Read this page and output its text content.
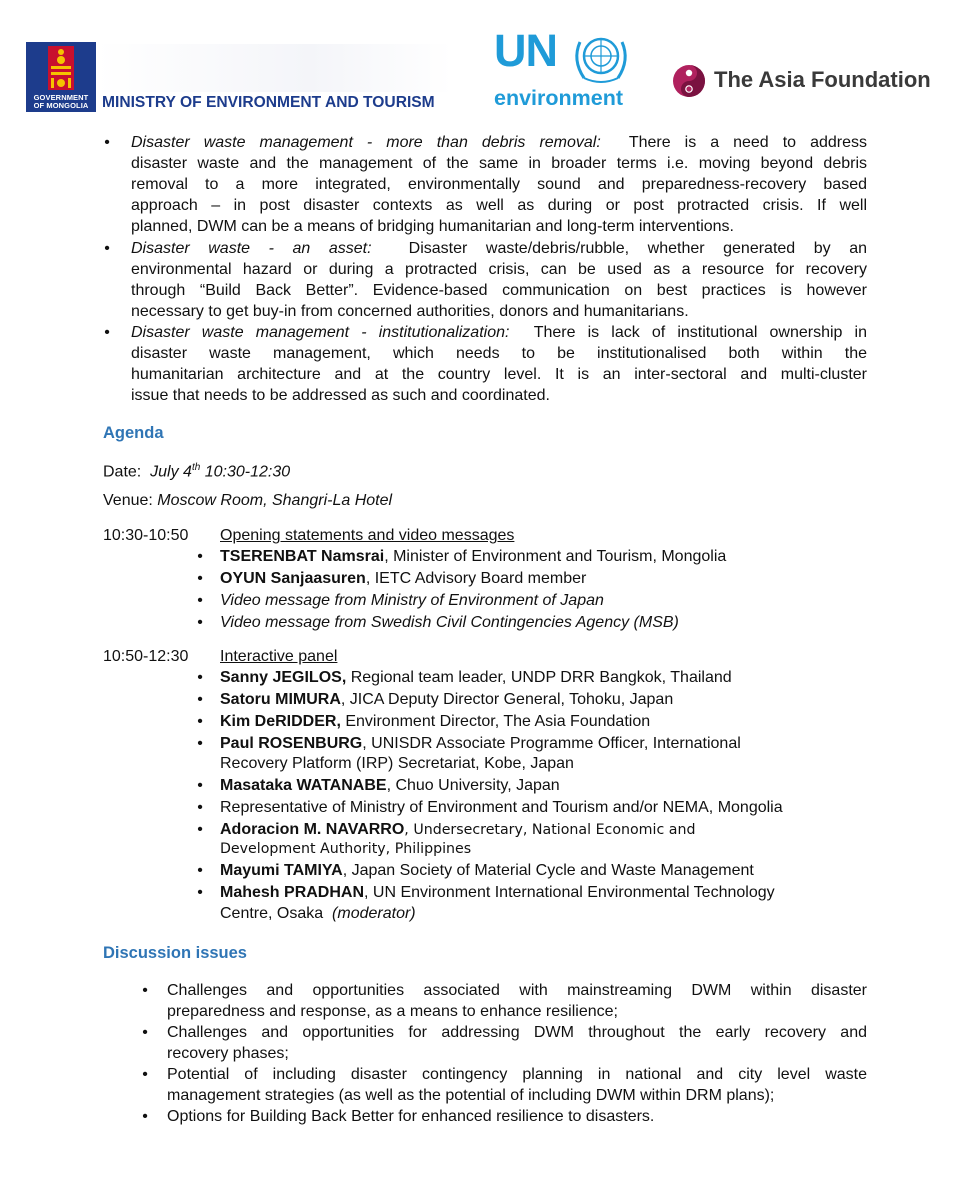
GOVERNMENT OF MONGOLIA MINISTRY OF ENVIRONMENT AND TOURISM
UN
environment
The Asia Foundation
• Disaster waste management - more than debris removal: There is a need to address
disaster waste and the management of the same in broader terms i.e. moving beyond debris
removal to a more integrated, environmentally sound and preparedness-recovery based
approach – in post disaster contexts as well as during or post protracted crisis. If well
planned, DWM can be a means of bridging humanitarian and long-term interventions.
• Disaster waste - an asset: Disaster waste/debris/rubble, whether generated by an
environmental hazard or during a protracted crisis, can be used as a resource for recovery
through “Build Back Better”. Evidence-based communication on best practices is however
necessary to get buy-in from concerned authorities, donors and humanitarians.
• Disaster waste management - institutionalization: There is lack of institutional ownership in
disaster waste management, which needs to be institutionalised both within the
humanitarian architecture and at the country level. It is an inter-sectoral and multi-cluster
issue that needs to be addressed as such and coordinated.
Agenda
Date: July 4th 10:30-12:30
Venue: Moscow Room, Shangri-La Hotel
10:30-10:50 Opening statements and video messages
• TSERENBAT Namsrai, Minister of Environment and Tourism, Mongolia
• OYUN Sanjaasuren, IETC Advisory Board member
• Video message from Ministry of Environment of Japan
• Video message from Swedish Civil Contingencies Agency (MSB)
10:50-12:30 Interactive panel
• Sanny JEGILOS, Regional team leader, UNDP DRR Bangkok, Thailand
• Satoru MIMURA, JICA Deputy Director General, Tohoku, Japan
• Kim DeRIDDER, Environment Director, The Asia Foundation
• Paul ROSENBURG, UNISDR Associate Programme Officer, International
Recovery Platform (IRP) Secretariat, Kobe, Japan
• Masataka WATANABE, Chuo University, Japan
• Representative of Ministry of Environment and Tourism and/or NEMA, Mongolia
• Adoracion M. NAVARRO, Undersecretary, National Economic and
Development Authority, Philippines
• Mayumi TAMIYA, Japan Society of Material Cycle and Waste Management
• Mahesh PRADHAN, UN Environment International Environmental Technology
Centre, Osaka (moderator)
Discussion issues
• Challenges and opportunities associated with mainstreaming DWM within disaster
preparedness and response, as a means to enhance resilience;
• Challenges and opportunities for addressing DWM throughout the early recovery and
recovery phases;
• Potential of including disaster contingency planning in national and city level waste
management strategies (as well as the potential of including DWM within DRM plans);
• Options for Building Back Better for enhanced resilience to disasters.
